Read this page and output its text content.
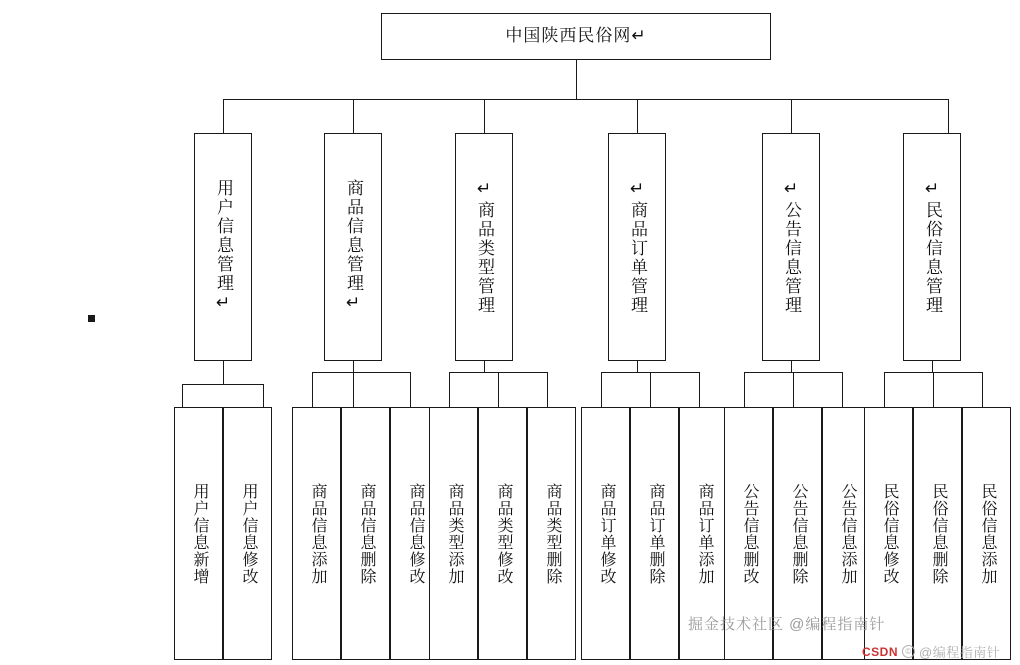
中国陕西民俗网↵
用户信息管理↵	商品信息管理↵	↵商品类型管理	↵商品订单管理	↵公告信息管理	↵民俗信息管理
用户信息新增 用户信息修改	商品信息添加 商品信息删除 商品信息修改 商品类型添加 商品类型修改 商品类型删除 商品订单修改 商品订单删除 商品订单添加 公告信息删改 公告信息删除 公告信息添加 民俗信息修改 民俗信息删除 民俗信息添加
掘金技术社区 @编程指南针
CSDN © @编程指南针
